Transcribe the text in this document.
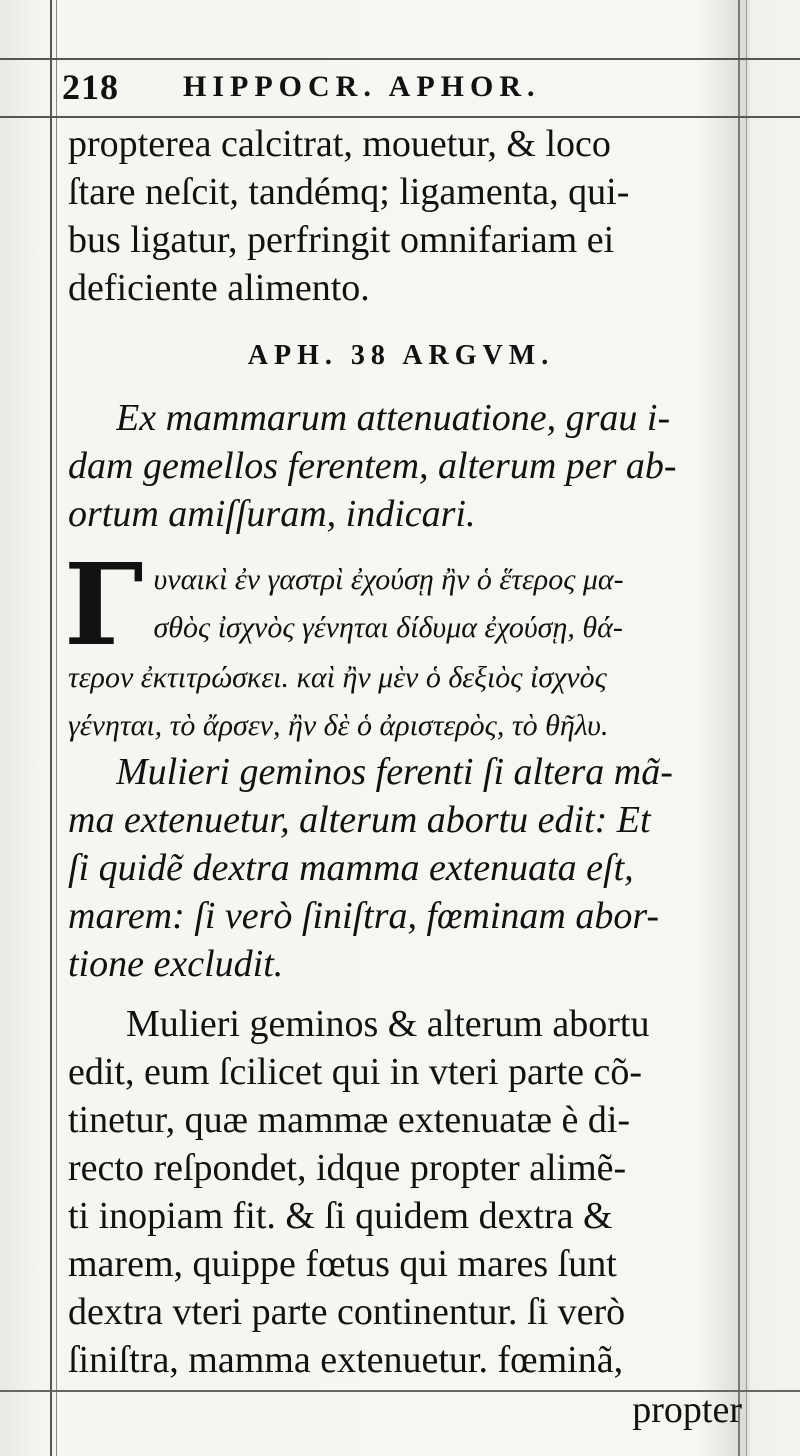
218 HIPPOCR. APHOR.
propterea calcitrat, mouetur, & loco
ſtare neſcit, tandémq; ligamenta, qui-
bus ligatur, perfringit omnifariam ei
deficiente alimento.
APH. 38 ARGVM.
Ex mammarum attenuatione, grau i-
dam gemellos ferentem, alterum per ab-
ortum amiſſuram, indicari.
Γ υναικὶ ἐν γαστρὶ ἐχούσῃ ἢν ὁ ἕτερος μα-
σθὸς ἰσχνὸς γένηται δίδυμα ἐχούσῃ, θά-
τερον ἐκτιτρώσκει. καὶ ἢν μὲν ὁ δεξιὸς ἰσχνὸς
γένηται, τὸ ἄρσεν, ἢν δὲ ὁ ἀριστερὸς, τὸ θῆλυ.
Mulieri geminos ferenti ſi altera mã-
ma extenuetur, alterum abortu edit: Et
ſi quidẽ dextra mamma extenuata eſt,
marem: ſi verò ſiniſtra, fœminam abor-
tione excludit.
Mulieri geminos & alterum abortu
edit, eum ſcilicet qui in vteri parte cõ-
tinetur, quæ mammæ extenuatæ è di-
recto reſpondet, idque propter alimẽ-
ti inopiam fit. & ſi quidem dextra &
marem, quippe fœtus qui mares ſunt
dextra vteri parte continentur. ſi verò
ſiniſtra, mamma extenuetur. fœminã,
propter
